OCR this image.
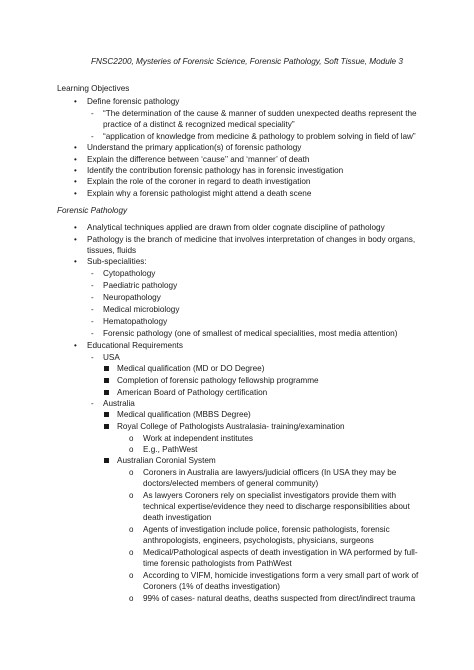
FNSC2200, Mysteries of Forensic Science, Forensic Pathology, Soft Tissue, Module 3
Learning Objectives
• Define forensic pathology
- “The determination of the cause & manner of sudden unexpected deaths represent the
practice of a distinct & recognized medical speciality”
- “application of knowledge from medicine & pathology to problem solving in field of law”
• Understand the primary application(s) of forensic pathology
• Explain the difference between ‘cause’’ and ‘manner’ of death
• Identify the contribution forensic pathology has in forensic investigation
• Explain the role of the coroner in regard to death investigation
• Explain why a forensic pathologist might attend a death scene
Forensic Pathology
• Analytical techniques applied are drawn from older cognate discipline of pathology
• Pathology is the branch of medicine that involves interpretation of changes in body organs,
tissues, fluids
• Sub-specialities:
- Cytopathology
- Paediatric pathology
- Neuropathology
- Medical microbiology
- Hematopathology
- Forensic pathology (one of smallest of medical specialities, most media attention)
• Educational Requirements
- USA
Medical qualification (MD or DO Degree)
Completion of forensic pathology fellowship programme
American Board of Pathology certification
- Australia
Medical qualification (MBBS Degree)
Royal College of Pathologists Australasia- training/examination
o Work at independent institutes
o E.g., PathWest
Australian Coronial System
o Coroners in Australia are lawyers/judicial officers (In USA they may be
doctors/elected members of general community)
o As lawyers Coroners rely on specialist investigators provide them with
technical expertise/evidence they need to discharge responsibilities about
death investigation
o Agents of investigation include police, forensic pathologists, forensic
anthropologists, engineers, psychologists, physicians, surgeons
o Medical/Pathological aspects of death investigation in WA performed by full-
time forensic pathologists from PathWest
o According to VIFM, homicide investigations form a very small part of work of
Coroners (1% of deaths investigation)
o 99% of cases- natural deaths, deaths suspected from direct/indirect trauma
